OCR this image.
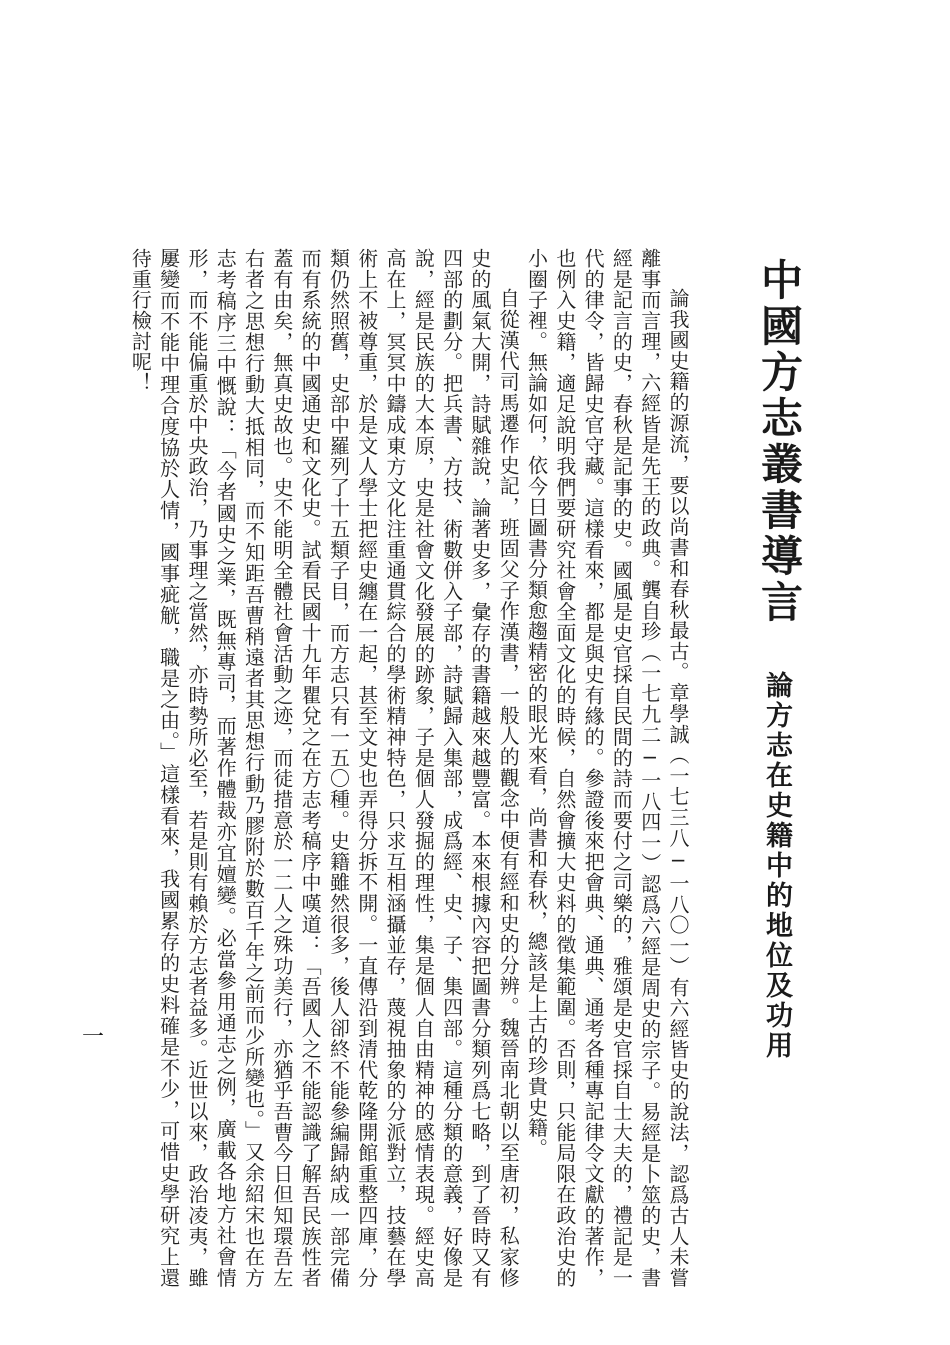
中國方志叢書導言
論方志在史籍中的地位及功用

論我國史籍的源流，要以尚書和春秋最古。章學誠（一七三八─一八〇一）有六經皆史的說法，認爲古人未嘗離事而言理，六經皆是先王的政典。龔自珍（一七九二─一八四一）認爲六經是周史的宗子。易經是卜筮的史，書經是記言的史，春秋是記事的史。國風是史官採自民間的詩而要付之司樂的，雅頌是史官採自士大夫的，禮記是一代的律令，皆歸史官守藏。這樣看來，都是與史有緣的。參證後來把會典、通典、通考各種專記律令文獻的著作，也例入史籍，適足說明我們要研究社會全面文化的時候，自然會擴大史料的徵集範圍。否則，只能局限在政治史的小圈子裡。無論如何，依今日圖書分類愈趨精密的眼光來看，尚書和春秋，總該是上古的珍貴史籍。

自從漢代司馬遷作史記，班固父子作漢書，一般人的觀念中便有經和史的分辨。魏晉南北朝以至唐初，私家修史的風氣大開，詩賦雜說，論著史多，彙存的書籍越來越豐富。本來根據內容把圖書分類列爲七略，到了晉時又有四部的劃分。把兵書、方技、術數併入子部，詩賦歸入集部，成爲經、史、子、集四部。這種分類的意義，好像是說，經是民族的大本原，史是社會文化發展的跡象，子是個人發掘的理性，集是個人自由精神的感情表現。經史高高在上，冥冥中鑄成東方文化注重通貫綜合的學術精神特色，只求互相涵攝並存，蔑視抽象的分派對立，技藝在學術上不被尊重，於是文人學士把經史纏在一起，甚至文史也弄得分拆不開。一直傳沿到清代乾隆開館重整四庫，分類仍然照舊，史部中羅列了十五類子目，而方志只有一五〇種。史籍雖然很多，後人卻終不能參編歸納成一部完備而有系統的中國通史和文化史。試看民國十九年瞿兌之在方志考稿序中嘆道：「吾國人之不能認識了解吾民族性者蓋有由矣，無真史故也。史不能明全體社會活動之迹，而徒措意於一二人之殊功美行，亦猶乎吾曹今日但知環吾左右者之思想行動大抵相同，而不知距吾曹稍遠者其思想行動乃膠附於數百千年之前而少所變也。」又余紹宋也在方志考稿序三中慨說：「今者國史之業，既無專司，而著作體裁亦宜嬗變。必當參用通志之例，廣載各地方社會情形，而不能偏重於中央政治，乃事理之當然，亦時勢所必至，若是則有賴於方志者益多。近世以來，政治凌夷，雖屢變而不能中理合度協於人情，國事疵觥，職是之由。」這樣看來，我國累存的史料確是不少，可惜史學研究上還待重行檢討呢！

一
